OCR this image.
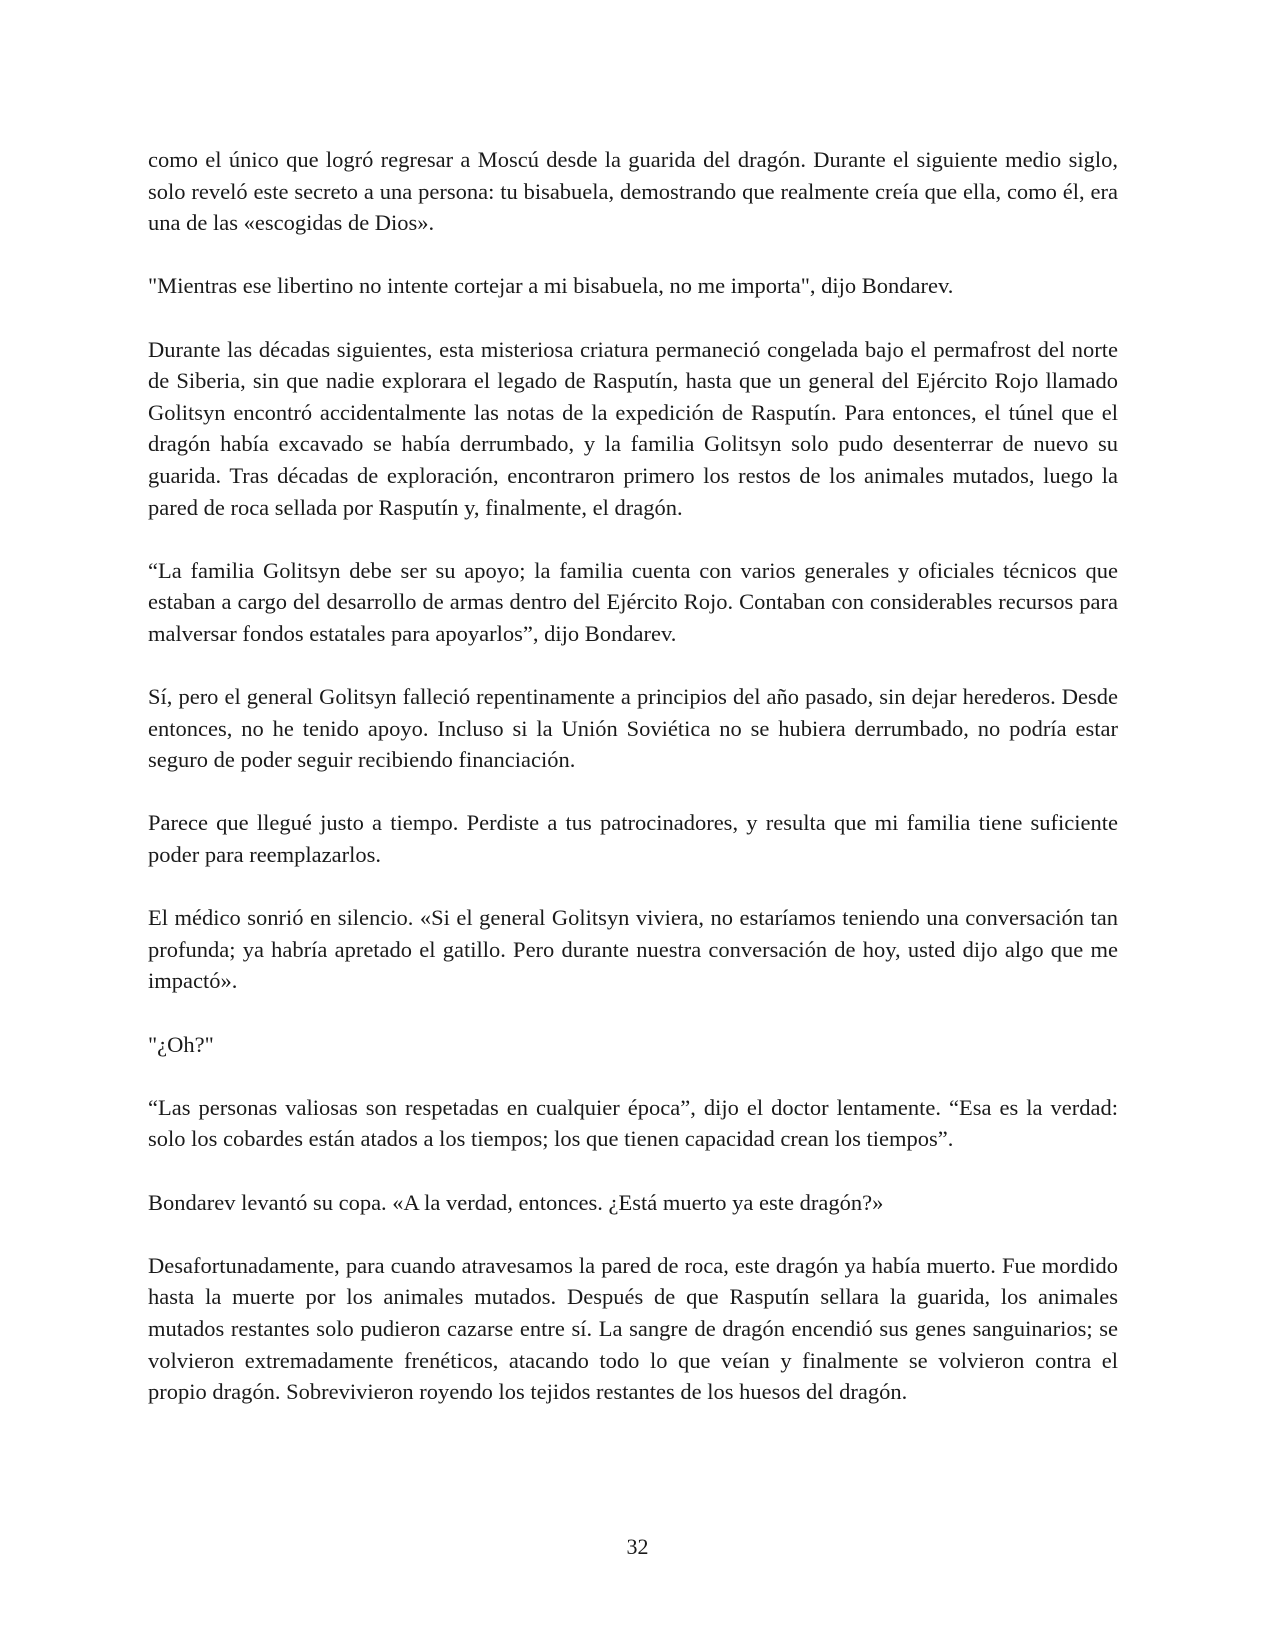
como el único que logró regresar a Moscú desde la guarida del dragón. Durante el siguiente medio siglo, solo reveló este secreto a una persona: tu bisabuela, demostrando que realmente creía que ella, como él, era una de las «escogidas de Dios».

"Mientras ese libertino no intente cortejar a mi bisabuela, no me importa", dijo Bondarev.

Durante las décadas siguientes, esta misteriosa criatura permaneció congelada bajo el permafrost del norte de Siberia, sin que nadie explorara el legado de Rasputín, hasta que un general del Ejército Rojo llamado Golitsyn encontró accidentalmente las notas de la expedición de Rasputín. Para entonces, el túnel que el dragón había excavado se había derrumbado, y la familia Golitsyn solo pudo desenterrar de nuevo su guarida. Tras décadas de exploración, encontraron primero los restos de los animales mutados, luego la pared de roca sellada por Rasputín y, finalmente, el dragón.

“La familia Golitsyn debe ser su apoyo; la familia cuenta con varios generales y oficiales técnicos que estaban a cargo del desarrollo de armas dentro del Ejército Rojo. Contaban con considerables recursos para malversar fondos estatales para apoyarlos”, dijo Bondarev.

Sí, pero el general Golitsyn falleció repentinamente a principios del año pasado, sin dejar herederos. Desde entonces, no he tenido apoyo. Incluso si la Unión Soviética no se hubiera derrumbado, no podría estar seguro de poder seguir recibiendo financiación.

Parece que llegué justo a tiempo. Perdiste a tus patrocinadores, y resulta que mi familia tiene suficiente poder para reemplazarlos.

El médico sonrió en silencio. «Si el general Golitsyn viviera, no estaríamos teniendo una conversación tan profunda; ya habría apretado el gatillo. Pero durante nuestra conversación de hoy, usted dijo algo que me impactó».

"¿Oh?"

“Las personas valiosas son respetadas en cualquier época”, dijo el doctor lentamente. “Esa es la verdad: solo los cobardes están atados a los tiempos; los que tienen capacidad crean los tiempos”.

Bondarev levantó su copa. «A la verdad, entonces. ¿Está muerto ya este dragón?»

Desafortunadamente, para cuando atravesamos la pared de roca, este dragón ya había muerto. Fue mordido hasta la muerte por los animales mutados. Después de que Rasputín sellara la guarida, los animales mutados restantes solo pudieron cazarse entre sí. La sangre de dragón encendió sus genes sanguinarios; se volvieron extremadamente frenéticos, atacando todo lo que veían y finalmente se volvieron contra el propio dragón. Sobrevivieron royendo los tejidos restantes de los huesos del dragón.

32
